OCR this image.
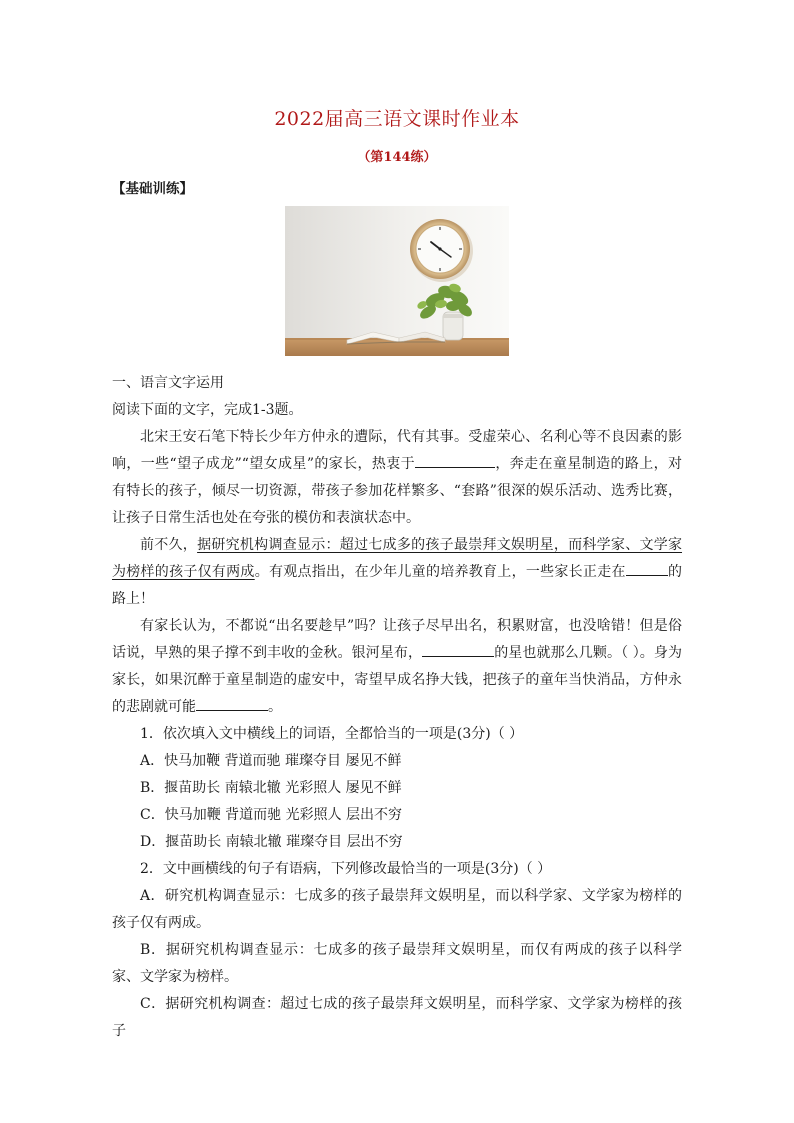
2022届高三语文课时作业本
（第144练）
【基础训练】

一、语言文字运用

阅读下面的文字，完成1-3题。

北宋王安石笔下特长少年方仲永的遭际，代有其事。受虚荣心、名利心等不良因素的影响，一些“望子成龙”“望女成星”的家长，热衷于	，奔走在童星制造的路上，对有特长的孩子，倾尽一切资源，带孩子参加花样繁多、“套路”很深的娱乐活动、选秀比赛，让孩子日常生活也处在夸张的模仿和表演状态中。

前不久，据研究机构调查显示：超过七成多的孩子最崇拜文娱明星，而科学家、文学家为榜样的孩子仅有两成。有观点指出，在少年儿童的培养教育上，一些家长正走在	的路上！

有家长认为，不都说“出名要趁早”吗？让孩子尽早出名，积累财富，也没啥错！但是俗话说，早熟的果子撑不到丰收的金秋。银河星布，	的星也就那么几颗。（ ）。身为家长，如果沉醉于童星制造的虚安中，寄望早成名挣大钱，把孩子的童年当快消品，方仲永的悲剧就可能	。

1．依次填入文中横线上的词语，全都恰当的一项是(3分)（ ）

A．快马加鞭 背道而驰 璀璨夺目 屡见不鲜

B．揠苗助长 南辕北辙 光彩照人 屡见不鲜

C．快马加鞭 背道而驰 光彩照人 层出不穷

D．揠苗助长 南辕北辙 璀璨夺目 层出不穷

2．文中画横线的句子有语病，下列修改最恰当的一项是(3分)（ ）

A．研究机构调查显示：七成多的孩子最崇拜文娱明星，而以科学家、文学家为榜样的孩子仅有两成。

B．据研究机构调查显示：七成多的孩子最崇拜文娱明星，而仅有两成的孩子以科学家、文学家为榜样。

C．据研究机构调查：超过七成的孩子最崇拜文娱明星，而科学家、文学家为榜样的孩子
